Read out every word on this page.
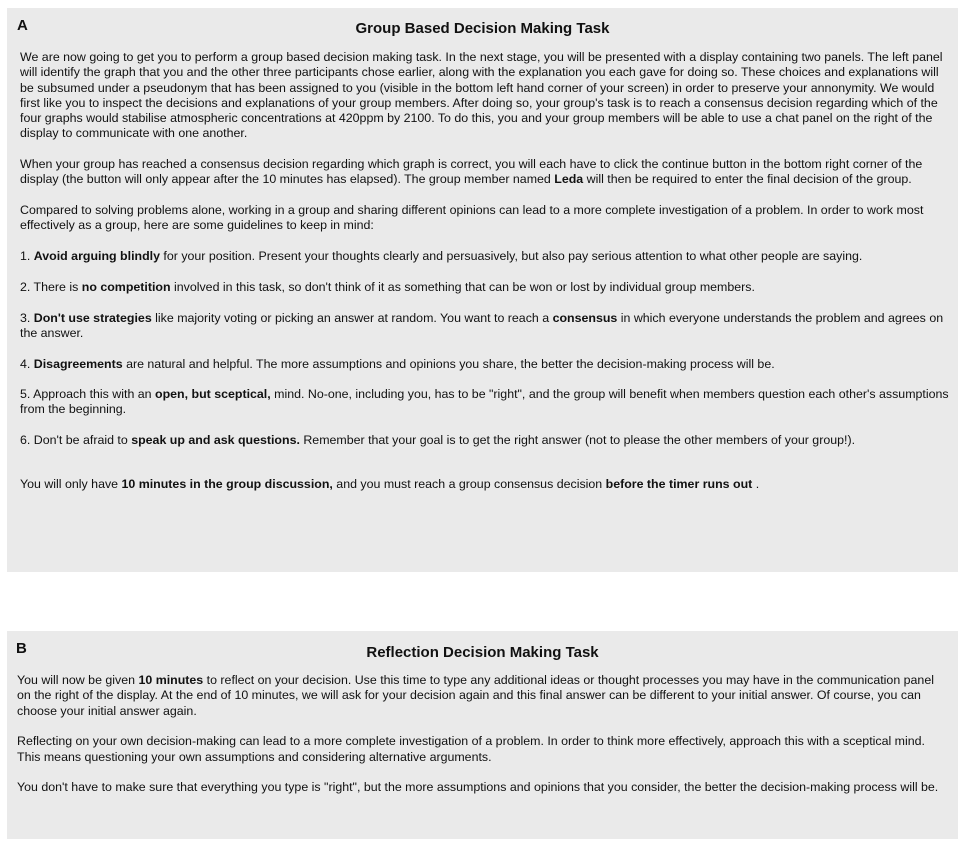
A	Group Based Decision Making Task

We are now going to get you to perform a group based decision making task. In the next stage, you will be presented with a display containing two panels. The left panel will identify the graph that you and the other three participants chose earlier, along with the explanation you each gave for doing so. These choices and explanations will be subsumed under a pseudonym that has been assigned to you (visible in the bottom left hand corner of your screen) in order to preserve your annonymity. We would first like you to inspect the decisions and explanations of your group members. After doing so, your group's task is to reach a consensus decision regarding which of the four graphs would stabilise atmospheric concentrations at 420ppm by 2100. To do this, you and your group members will be able to use a chat panel on the right of the display to communicate with one another.

When your group has reached a consensus decision regarding which graph is correct, you will each have to click the continue button in the bottom right corner of the display (the button will only appear after the 10 minutes has elapsed). The group member named Leda will then be required to enter the final decision of the group.

Compared to solving problems alone, working in a group and sharing different opinions can lead to a more complete investigation of a problem. In order to work most effectively as a group, here are some guidelines to keep in mind:

1. Avoid arguing blindly for your position. Present your thoughts clearly and persuasively, but also pay serious attention to what other people are saying.

2. There is no competition involved in this task, so don't think of it as something that can be won or lost by individual group members.

3. Don't use strategies like majority voting or picking an answer at random. You want to reach a consensus in which everyone understands the problem and agrees on the answer.

4. Disagreements are natural and helpful. The more assumptions and opinions you share, the better the decision-making process will be.

5. Approach this with an open, but sceptical, mind. No-one, including you, has to be "right", and the group will benefit when members question each other's assumptions from the beginning.

6. Don't be afraid to speak up and ask questions. Remember that your goal is to get the right answer (not to please the other members of your group!).

You will only have 10 minutes in the group discussion, and you must reach a group consensus decision before the timer runs out .

B	Reflection Decision Making Task

You will now be given 10 minutes to reflect on your decision. Use this time to type any additional ideas or thought processes you may have in the communication panel on the right of the display. At the end of 10 minutes, we will ask for your decision again and this final answer can be different to your initial answer. Of course, you can choose your initial answer again.

Reflecting on your own decision-making can lead to a more complete investigation of a problem. In order to think more effectively, approach this with a sceptical mind. This means questioning your own assumptions and considering alternative arguments.

You don't have to make sure that everything you type is "right", but the more assumptions and opinions that you consider, the better the decision-making process will be.
